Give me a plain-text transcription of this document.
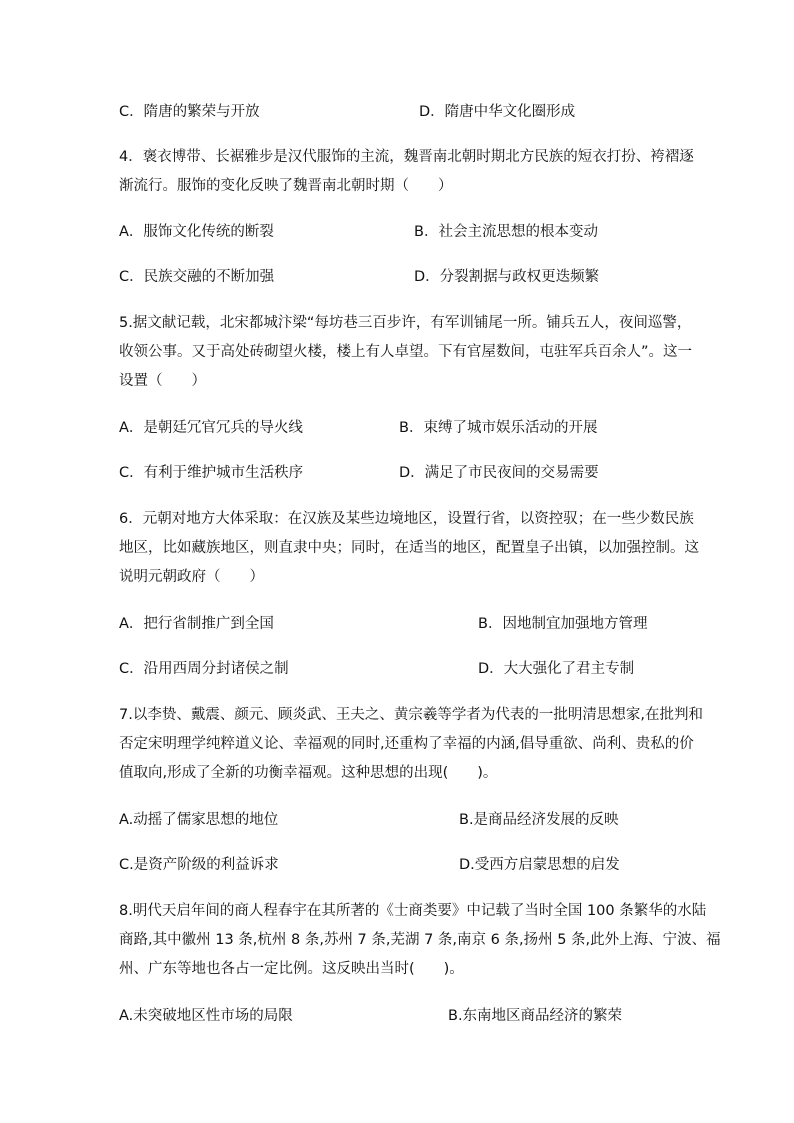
C．隋唐的繁荣与开放	D．隋唐中华文化圈形成
4．褒衣博带、长裾雅步是汉代服饰的主流，魏晋南北朝时期北方民族的短衣打扮、袴褶逐
渐流行。服饰的变化反映了魏晋南北朝时期（　　）
A．服饰文化传统的断裂	B．社会主流思想的根本变动
C．民族交融的不断加强	D．分裂割据与政权更迭频繁
5.据文献记载，北宋都城汴梁“每坊巷三百步许，有军训铺尾一所。铺兵五人，夜间巡警，
收领公事。又于高处砖砌望火楼，楼上有人卓望。下有官屋数间，屯驻军兵百余人”。这一
设置（　　）
A．是朝廷冗官冗兵的导火线	B．束缚了城市娱乐活动的开展
C．有利于维护城市生活秩序	D．满足了市民夜间的交易需要
6．元朝对地方大体采取：在汉族及某些边境地区，设置行省，以资控驭；在一些少数民族
地区，比如藏族地区，则直隶中央；同时，在适当的地区，配置皇子出镇，以加强控制。这
说明元朝政府（　　）
A．把行省制推广到全国	B．因地制宜加强地方管理
C．沿用西周分封诸侯之制	D．大大强化了君主专制
7.以李贽、戴震、颜元、顾炎武、王夫之、黄宗羲等学者为代表的一批明清思想家,在批判和
否定宋明理学纯粹道义论、幸福观的同时,还重构了幸福的内涵,倡导重欲、尚利、贵私的价
值取向,形成了全新的功衡幸福观。这种思想的出现(　　)。
A.动摇了儒家思想的地位	B.是商品经济发展的反映
C.是资产阶级的利益诉求	D.受西方启蒙思想的启发
8.明代天启年间的商人程春宇在其所著的《士商类要》中记载了当时全国 100 条繁华的水陆
商路,其中徽州 13 条,杭州 8 条,苏州 7 条,芜湖 7 条,南京 6 条,扬州 5 条,此外上海、宁波、福
州、广东等地也各占一定比例。这反映出当时(　　)。
A.未突破地区性市场的局限	B.东南地区商品经济的繁荣
